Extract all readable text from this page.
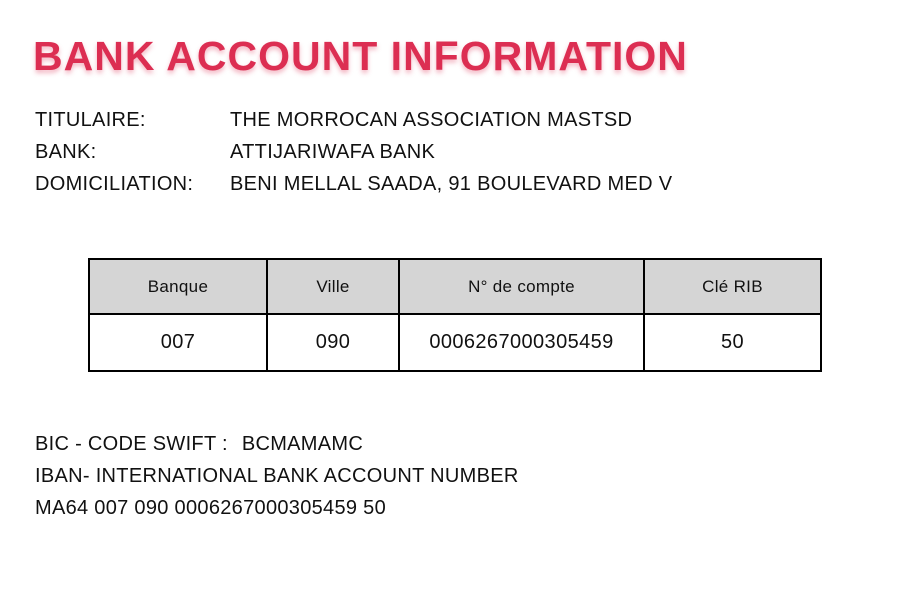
BANK ACCOUNT INFORMATION
TITULAIRE:	THE MORROCAN ASSOCIATION MASTSD
BANK:	ATTIJARIWAFA BANK
DOMICILIATION:	BENI MELLAL SAADA, 91 BOULEVARD MED V
Banque	Ville	N° de compte	Clé RIB
007	090	0006267000305459	50
BIC - CODE SWIFT : BCMAMAMC
IBAN- INTERNATIONAL BANK ACCOUNT NUMBER
MA64 007 090 0006267000305459 50
